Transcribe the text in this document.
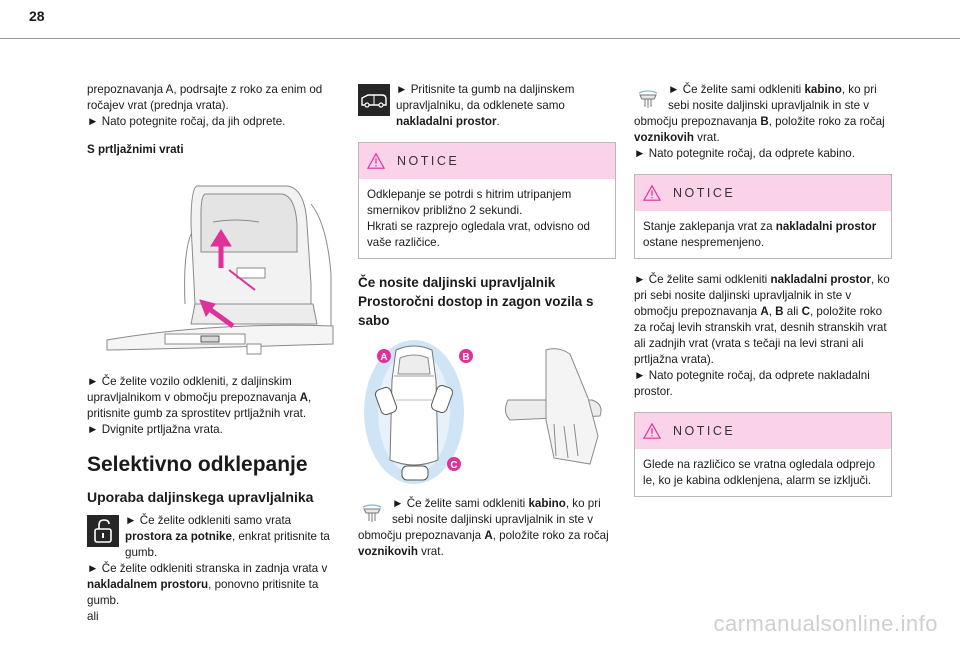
28

prepoznavanja A, podrsajte z roko za enim od ročajev vrat (prednja vrata).

► Nato potegnite ročaj, da jih odprete.

S prtljažnimi vrati

► Če želite vozilo odkleniti, z daljinskim upravljalnikom v območju prepoznavanja A, pritisnite gumb za sprostitev prtljažnih vrat.

► Dvignite prtljažna vrata.

Selektivno odklepanje
Uporaba daljinskega upravljalnika

► Če želite odkleniti samo vrata prostora za potnike, enkrat pritisnite ta gumb.

► Če želite odkleniti stranska in zadnja vrata v nakladalnem prostoru, ponovno pritisnite ta gumb.

ali

► Pritisnite ta gumb na daljinskem upravljalniku, da odklenete samo nakladalni prostor.

NOTICE

Odklepanje se potrdi s hitrim utripanjem smernikov približno 2 sekundi.

Hkrati se razprejo ogledala vrat, odvisno od vaše različice.

Če nosite daljinski upravljalnik Prostoročni dostop in zagon vozila s sabo
A	B
C

► Če želite sami odkleniti kabino, ko pri sebi nosite daljinski upravljalnik in ste v območju prepoznavanja A, položite roko za ročaj voznikovih vrat.

► Če želite sami odkleniti kabino, ko pri sebi nosite daljinski upravljalnik in ste v območju prepoznavanja B, položite roko za ročaj voznikovih vrat.

► Nato potegnite ročaj, da odprete kabino.

NOTICE

Stanje zaklepanja vrat za nakladalni prostor ostane nespremenjeno.

► Če želite sami odkleniti nakladalni prostor, ko pri sebi nosite daljinski upravljalnik in ste v območju prepoznavanja A, B ali C, položite roko za ročaj levih stranskih vrat, desnih stranskih vrat ali zadnjih vrat (vrata s tečaji na levi strani ali prtljažna vrata).

► Nato potegnite ročaj, da odprete nakladalni prostor.

NOTICE

Glede na različico se vratna ogledala odprejo le, ko je kabina odklenjena, alarm se izključi.

carmanualsonline.info
